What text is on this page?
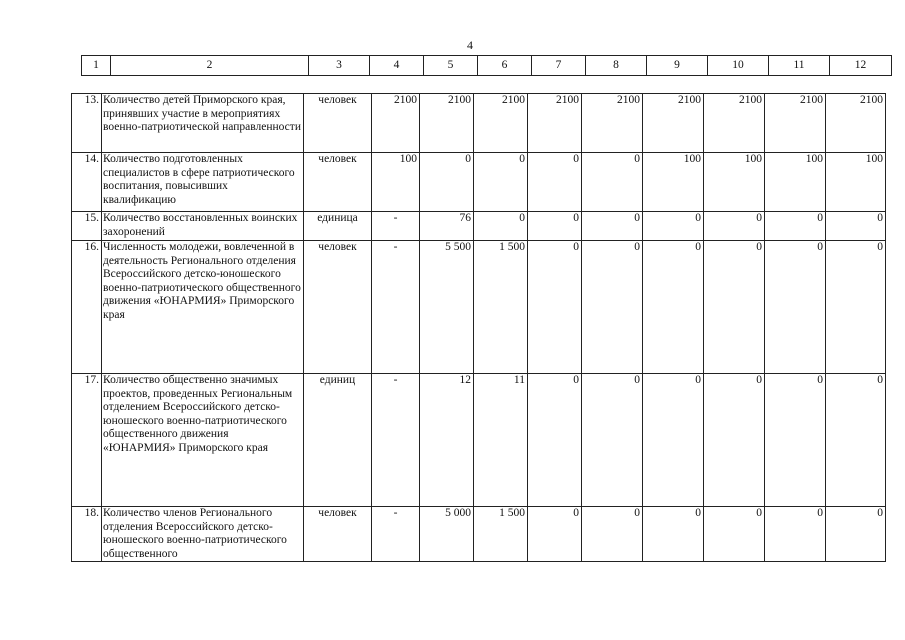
4
1	2	3	4	5	6	7	8	9	10	11	12
13.	Количество детей Приморского края, принявших участие в мероприятиях военно-патриотической направленности	человек	2100	2100	2100	2100	2100	2100	2100	2100	2100
14.	Количество подготовленных специалистов в сфере патриотического воспитания, повысивших квалификацию	человек	100	0	0	0	0	100	100	100	100
15.	Количество восстановленных воинских захоронений	единица	-	76	0	0	0	0	0	0	0
16.	Численность молодежи, вовлеченной в деятельность Регионального отделения Всероссийского детско-юношеского военно-патриотического общественного движения «ЮНАРМИЯ» Приморского края	человек	-	5 500	1 500	0	0	0	0	0	0
17.	Количество общественно значимых проектов, проведенных Региональным отделением Всероссийского детско-юношеского военно-патриотического общественного движения «ЮНАРМИЯ» Приморского края	единиц	-	12	11	0	0	0	0	0	0
18.	Количество членов Регионального отделения Всероссийского детско-юношеского военно-патриотического общественного	человек	-	5 000	1 500	0	0	0	0	0	0
